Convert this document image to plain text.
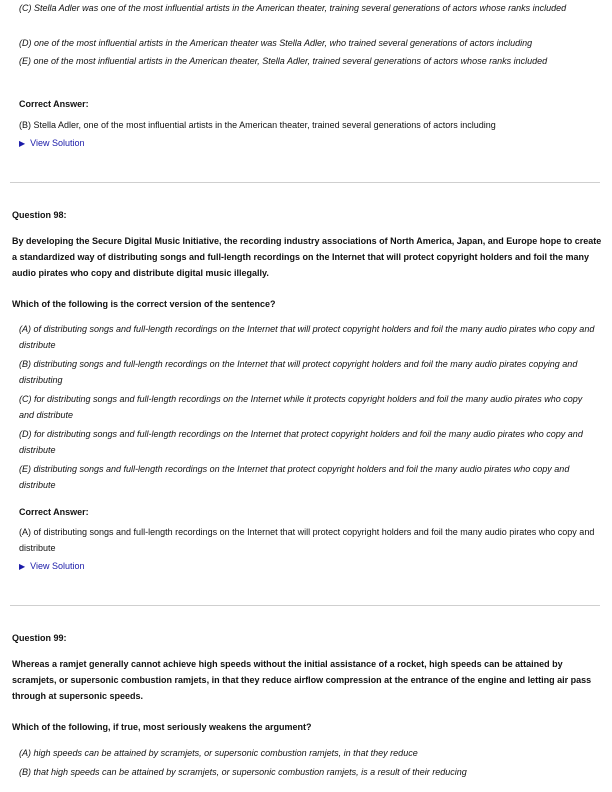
(C) Stella Adler was one of the most influential artists in the American theater, training several generations of actors whose ranks included
(D) one of the most influential artists in the American theater was Stella Adler, who trained several generations of actors including
(E) one of the most influential artists in the American theater, Stella Adler, trained several generations of actors whose ranks included
Correct Answer:
(B) Stella Adler, one of the most influential artists in the American theater, trained several generations of actors including
▶ View Solution
Question 98:
By developing the Secure Digital Music Initiative, the recording industry associations of North America, Japan, and Europe hope to create a standardized way of distributing songs and full-length recordings on the Internet that will protect copyright holders and foil the many audio pirates who copy and distribute digital music illegally.
Which of the following is the correct version of the sentence?
(A) of distributing songs and full-length recordings on the Internet that will protect copyright holders and foil the many audio pirates who copy and distribute
(B) distributing songs and full-length recordings on the Internet that will protect copyright holders and foil the many audio pirates copying and distributing
(C) for distributing songs and full-length recordings on the Internet while it protects copyright holders and foil the many audio pirates who copy and distribute
(D) for distributing songs and full-length recordings on the Internet that protect copyright holders and foil the many audio pirates who copy and distribute
(E) distributing songs and full-length recordings on the Internet that protect copyright holders and foil the many audio pirates who copy and distribute
Correct Answer:
(A) of distributing songs and full-length recordings on the Internet that will protect copyright holders and foil the many audio pirates who copy and distribute
▶ View Solution
Question 99:
Whereas a ramjet generally cannot achieve high speeds without the initial assistance of a rocket, high speeds can be attained by scramjets, or supersonic combustion ramjets, in that they reduce airflow compression at the entrance of the engine and letting air pass through at supersonic speeds.
Which of the following, if true, most seriously weakens the argument?
(A) high speeds can be attained by scramjets, or supersonic combustion ramjets, in that they reduce
(B) that high speeds can be attained by scramjets, or supersonic combustion ramjets, is a result of their reducing
